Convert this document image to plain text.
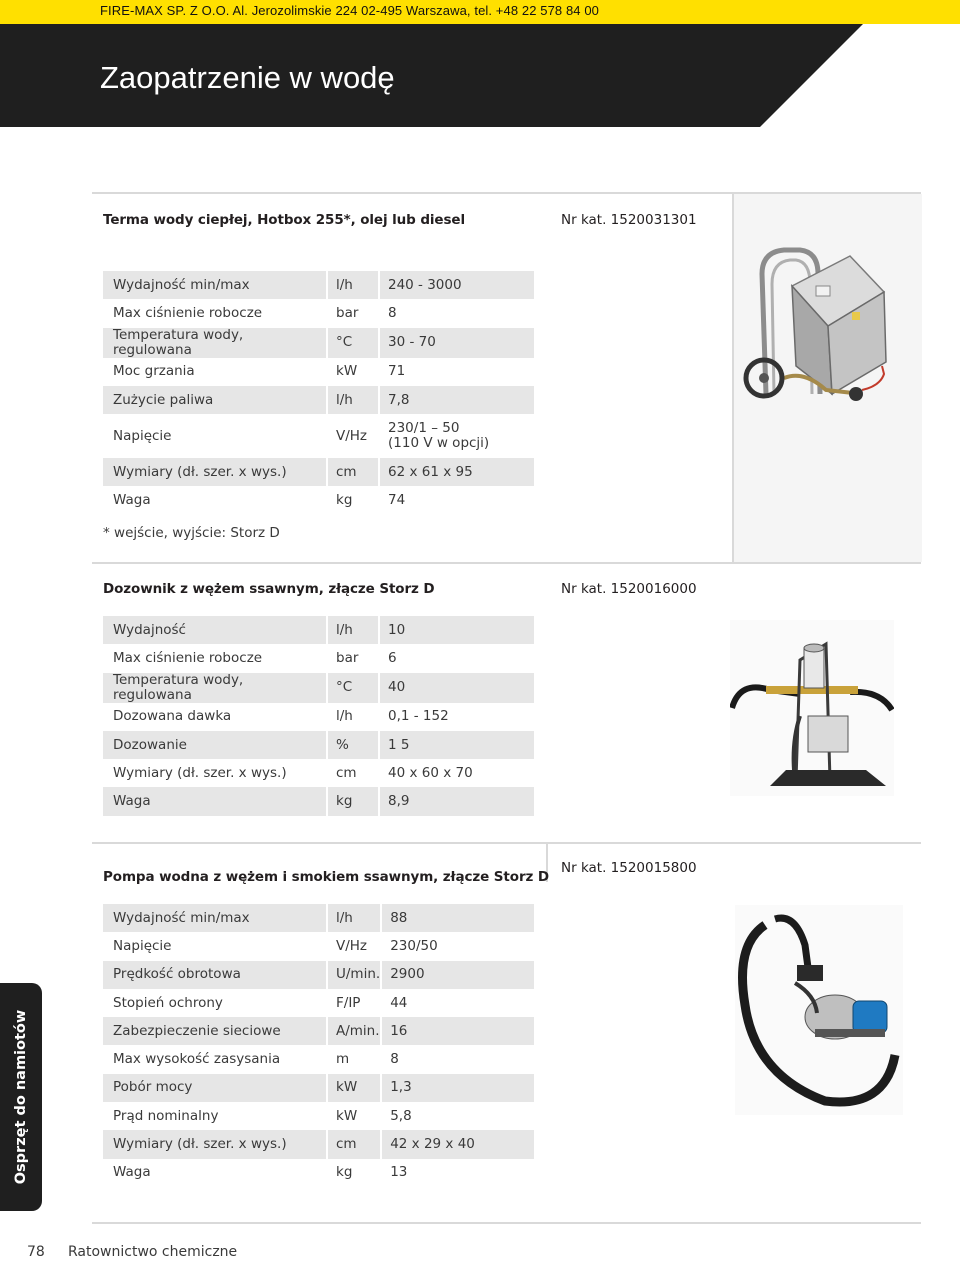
FIRE-MAX SP. Z O.O. Al. Jerozolimskie 224 02-495 Warszawa, tel. +48 22 578 84 00
Zaopatrzenie w wodę
Terma wody ciepłej, Hotbox 255*, olej lub diesel	Nr kat. 1520031301
Wydajność min/max	l/h	240 - 3000
Max ciśnienie robocze	bar	8
Temperatura wody, regulowana	°C	30 - 70
Moc grzania	kW	71
Zużycie paliwa	l/h	7,8
Napięcie	V/Hz	230/1 – 50
(110 V w opcji)

Wymiary (dł. szer. x wys.)	cm	62 x 61 x 95
Waga	kg	74
* wejście, wyjście: Storz D
Dozownik z wężem ssawnym, złącze Storz D	Nr kat. 1520016000
Wydajność	l/h	10
Max ciśnienie robocze	bar	6
Temperatura wody, regulowana	°C	40
Dozowana dawka	l/h	0,1 - 152
Dozowanie	%	1 5
Wymiary (dł. szer. x wys.)	cm	40 x 60 x 70
Waga	kg	8,9
Pompa wodna z wężem i smokiem ssawnym, złącze Storz D
Nr kat. 1520015800
Wydajność min/max	l/h	88
Napięcie	V/Hz	230/50
Prędkość obrotowa	U/min.	2900
Stopień ochrony	F/IP	44
Zabezpieczenie sieciowe	A/min.	16
Max wysokość zasysania	m	8
Pobór mocy	kW	1,3
Prąd nominalny	kW	5,8
Wymiary (dł. szer. x wys.)	cm	42 x 29 x 40
Waga	kg	13
Osprzęt do namiotów
78 Ratownictwo chemiczne
